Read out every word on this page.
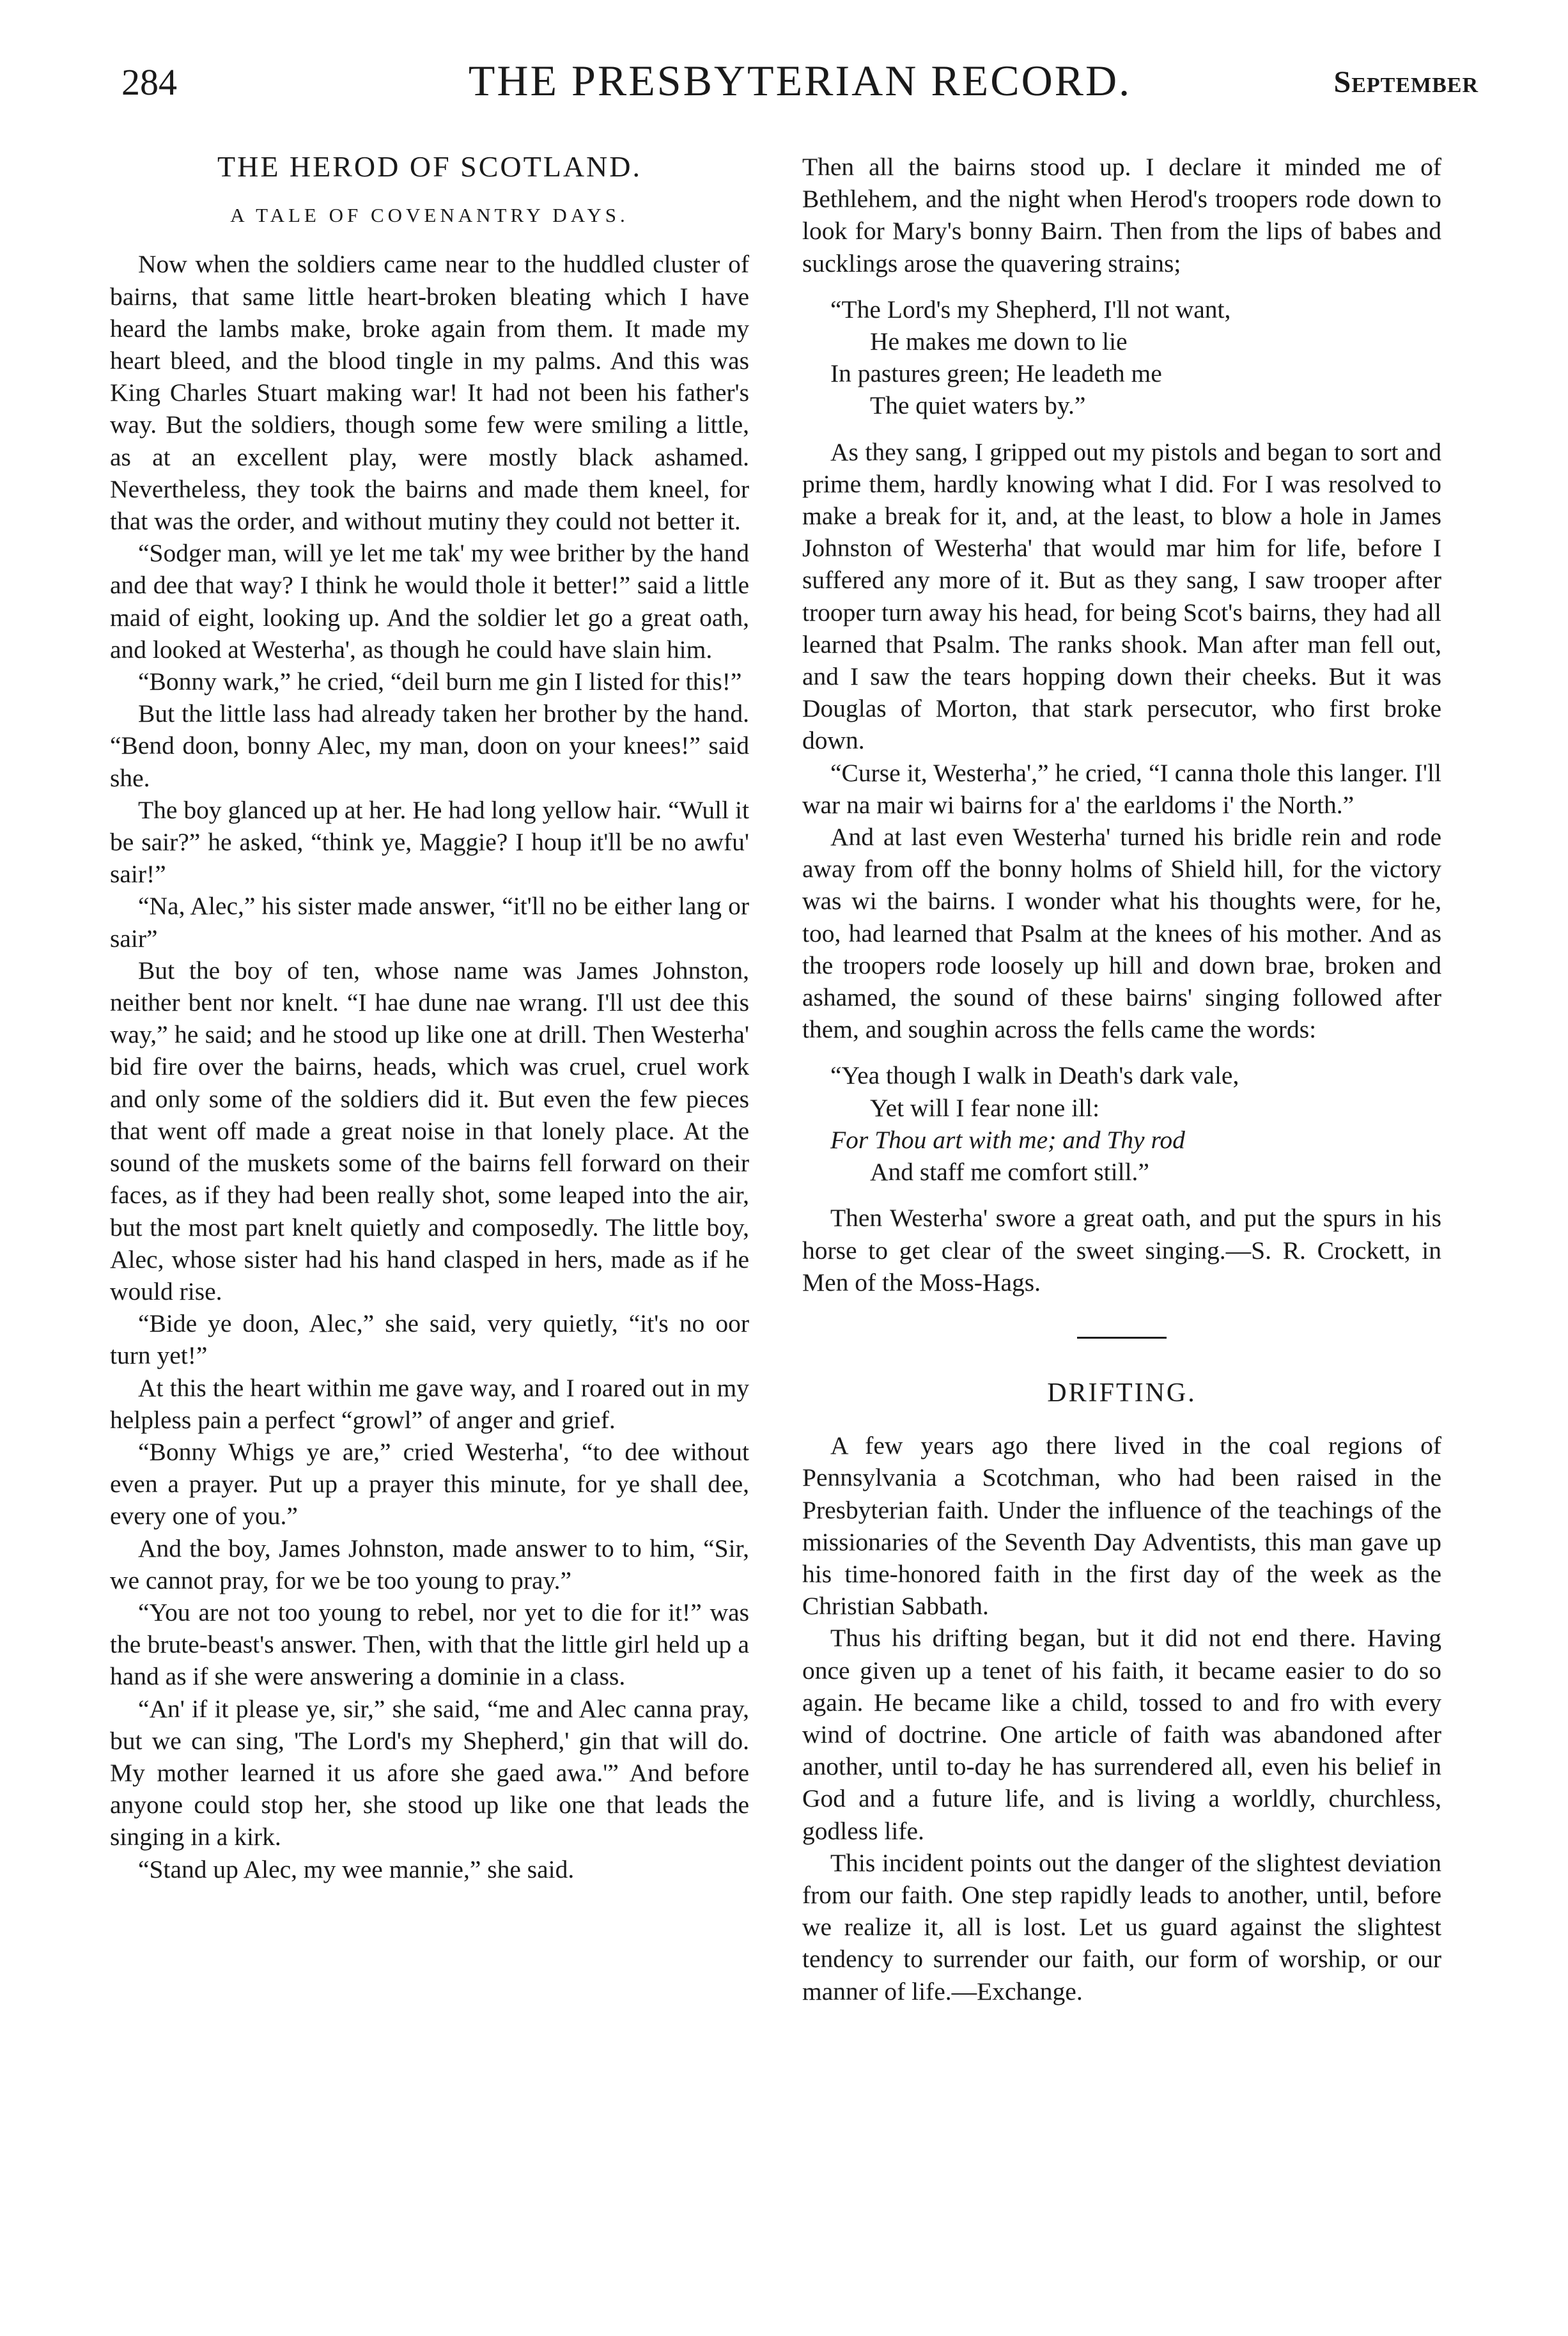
284	THE PRESBYTERIAN RECORD.	September
THE HEROD OF SCOTLAND.
A TALE OF COVENANTRY DAYS.

Now when the soldiers came near to the huddled cluster of bairns, that same little heart-broken bleating which I have heard the lambs make, broke again from them. It made my heart bleed, and the blood tingle in my palms. And this was King Charles Stuart making war! It had not been his father's way. But the soldiers, though some few were smiling a little, as at an excellent play, were mostly black ashamed. Nevertheless, they took the bairns and made them kneel, for that was the order, and without mutiny they could not better it.

“Sodger man, will ye let me tak' my wee brither by the hand and dee that way? I think he would thole it better!” said a little maid of eight, looking up. And the soldier let go a great oath, and looked at Westerha', as though he could have slain him.

“Bonny wark,” he cried, “deil burn me gin I listed for this!”

But the little lass had already taken her brother by the hand. “Bend doon, bonny Alec, my man, doon on your knees!” said she.

The boy glanced up at her. He had long yellow hair. “Wull it be sair?” he asked, “think ye, Maggie? I houp it'll be no awfu' sair!”

“Na, Alec,” his sister made answer, “it'll no be either lang or sair”

But the boy of ten, whose name was James Johnston, neither bent nor knelt. “I hae dune nae wrang. I'll ust dee this way,” he said; and he stood up like one at drill. Then Westerha' bid fire over the bairns, heads, which was cruel, cruel work and only some of the soldiers did it. But even the few pieces that went off made a great noise in that lonely place. At the sound of the muskets some of the bairns fell forward on their faces, as if they had been really shot, some leaped into the air, but the most part knelt quietly and composedly. The little boy, Alec, whose sister had his hand clasped in hers, made as if he would rise.

“Bide ye doon, Alec,” she said, very quietly, “it's no oor turn yet!”

At this the heart within me gave way, and I roared out in my helpless pain a perfect “growl” of anger and grief.

“Bonny Whigs ye are,” cried Westerha', “to dee without even a prayer. Put up a prayer this minute, for ye shall dee, every one of you.”

And the boy, James Johnston, made answer to to him, “Sir, we cannot pray, for we be too young to pray.”

“You are not too young to rebel, nor yet to die for it!” was the brute-beast's answer. Then, with that the little girl held up a hand as if she were answering a dominie in a class.

“An' if it please ye, sir,” she said, “me and Alec canna pray, but we can sing, 'The Lord's my Shepherd,' gin that will do. My mother learned it us afore she gaed awa.'” And before anyone could stop her, she stood up like one that leads the singing in a kirk.

“Stand up Alec, my wee mannie,” she said.

Then all the bairns stood up. I declare it minded me of Bethlehem, and the night when Herod's troopers rode down to look for Mary's bonny Bairn. Then from the lips of babes and sucklings arose the quavering strains;

“The Lord's my Shepherd, I'll not want,
He makes me down to lie
In pastures green; He leadeth me
The quiet waters by.”

As they sang, I gripped out my pistols and began to sort and prime them, hardly knowing what I did. For I was resolved to make a break for it, and, at the least, to blow a hole in James Johnston of Westerha' that would mar him for life, before I suffered any more of it. But as they sang, I saw trooper after trooper turn away his head, for being Scot's bairns, they had all learned that Psalm. The ranks shook. Man after man fell out, and I saw the tears hopping down their cheeks. But it was Douglas of Morton, that stark persecutor, who first broke down.

“Curse it, Westerha',” he cried, “I canna thole this langer. I'll war na mair wi bairns for a' the earldoms i' the North.”

And at last even Westerha' turned his bridle rein and rode away from off the bonny holms of Shield hill, for the victory was wi the bairns. I wonder what his thoughts were, for he, too, had learned that Psalm at the knees of his mother. And as the troopers rode loosely up hill and down brae, broken and ashamed, the sound of these bairns' singing followed after them, and soughin across the fells came the words:

“Yea though I walk in Death's dark vale,
Yet will I fear none ill:
For Thou art with me; and Thy rod
And staff me comfort still.”

Then Westerha' swore a great oath, and put the spurs in his horse to get clear of the sweet singing.—S. R. Crockett, in Men of the Moss-Hags.

DRIFTING.

A few years ago there lived in the coal regions of Pennsylvania a Scotchman, who had been raised in the Presbyterian faith. Under the influence of the teachings of the missionaries of the Seventh Day Adventists, this man gave up his time-honored faith in the first day of the week as the Christian Sabbath.

Thus his drifting began, but it did not end there. Having once given up a tenet of his faith, it became easier to do so again. He became like a child, tossed to and fro with every wind of doctrine. One article of faith was abandoned after another, until to-day he has surrendered all, even his belief in God and a future life, and is living a worldly, churchless, godless life.

This incident points out the danger of the slightest deviation from our faith. One step rapidly leads to another, until, before we realize it, all is lost. Let us guard against the slightest tendency to surrender our faith, our form of worship, or our manner of life.—Exchange.
